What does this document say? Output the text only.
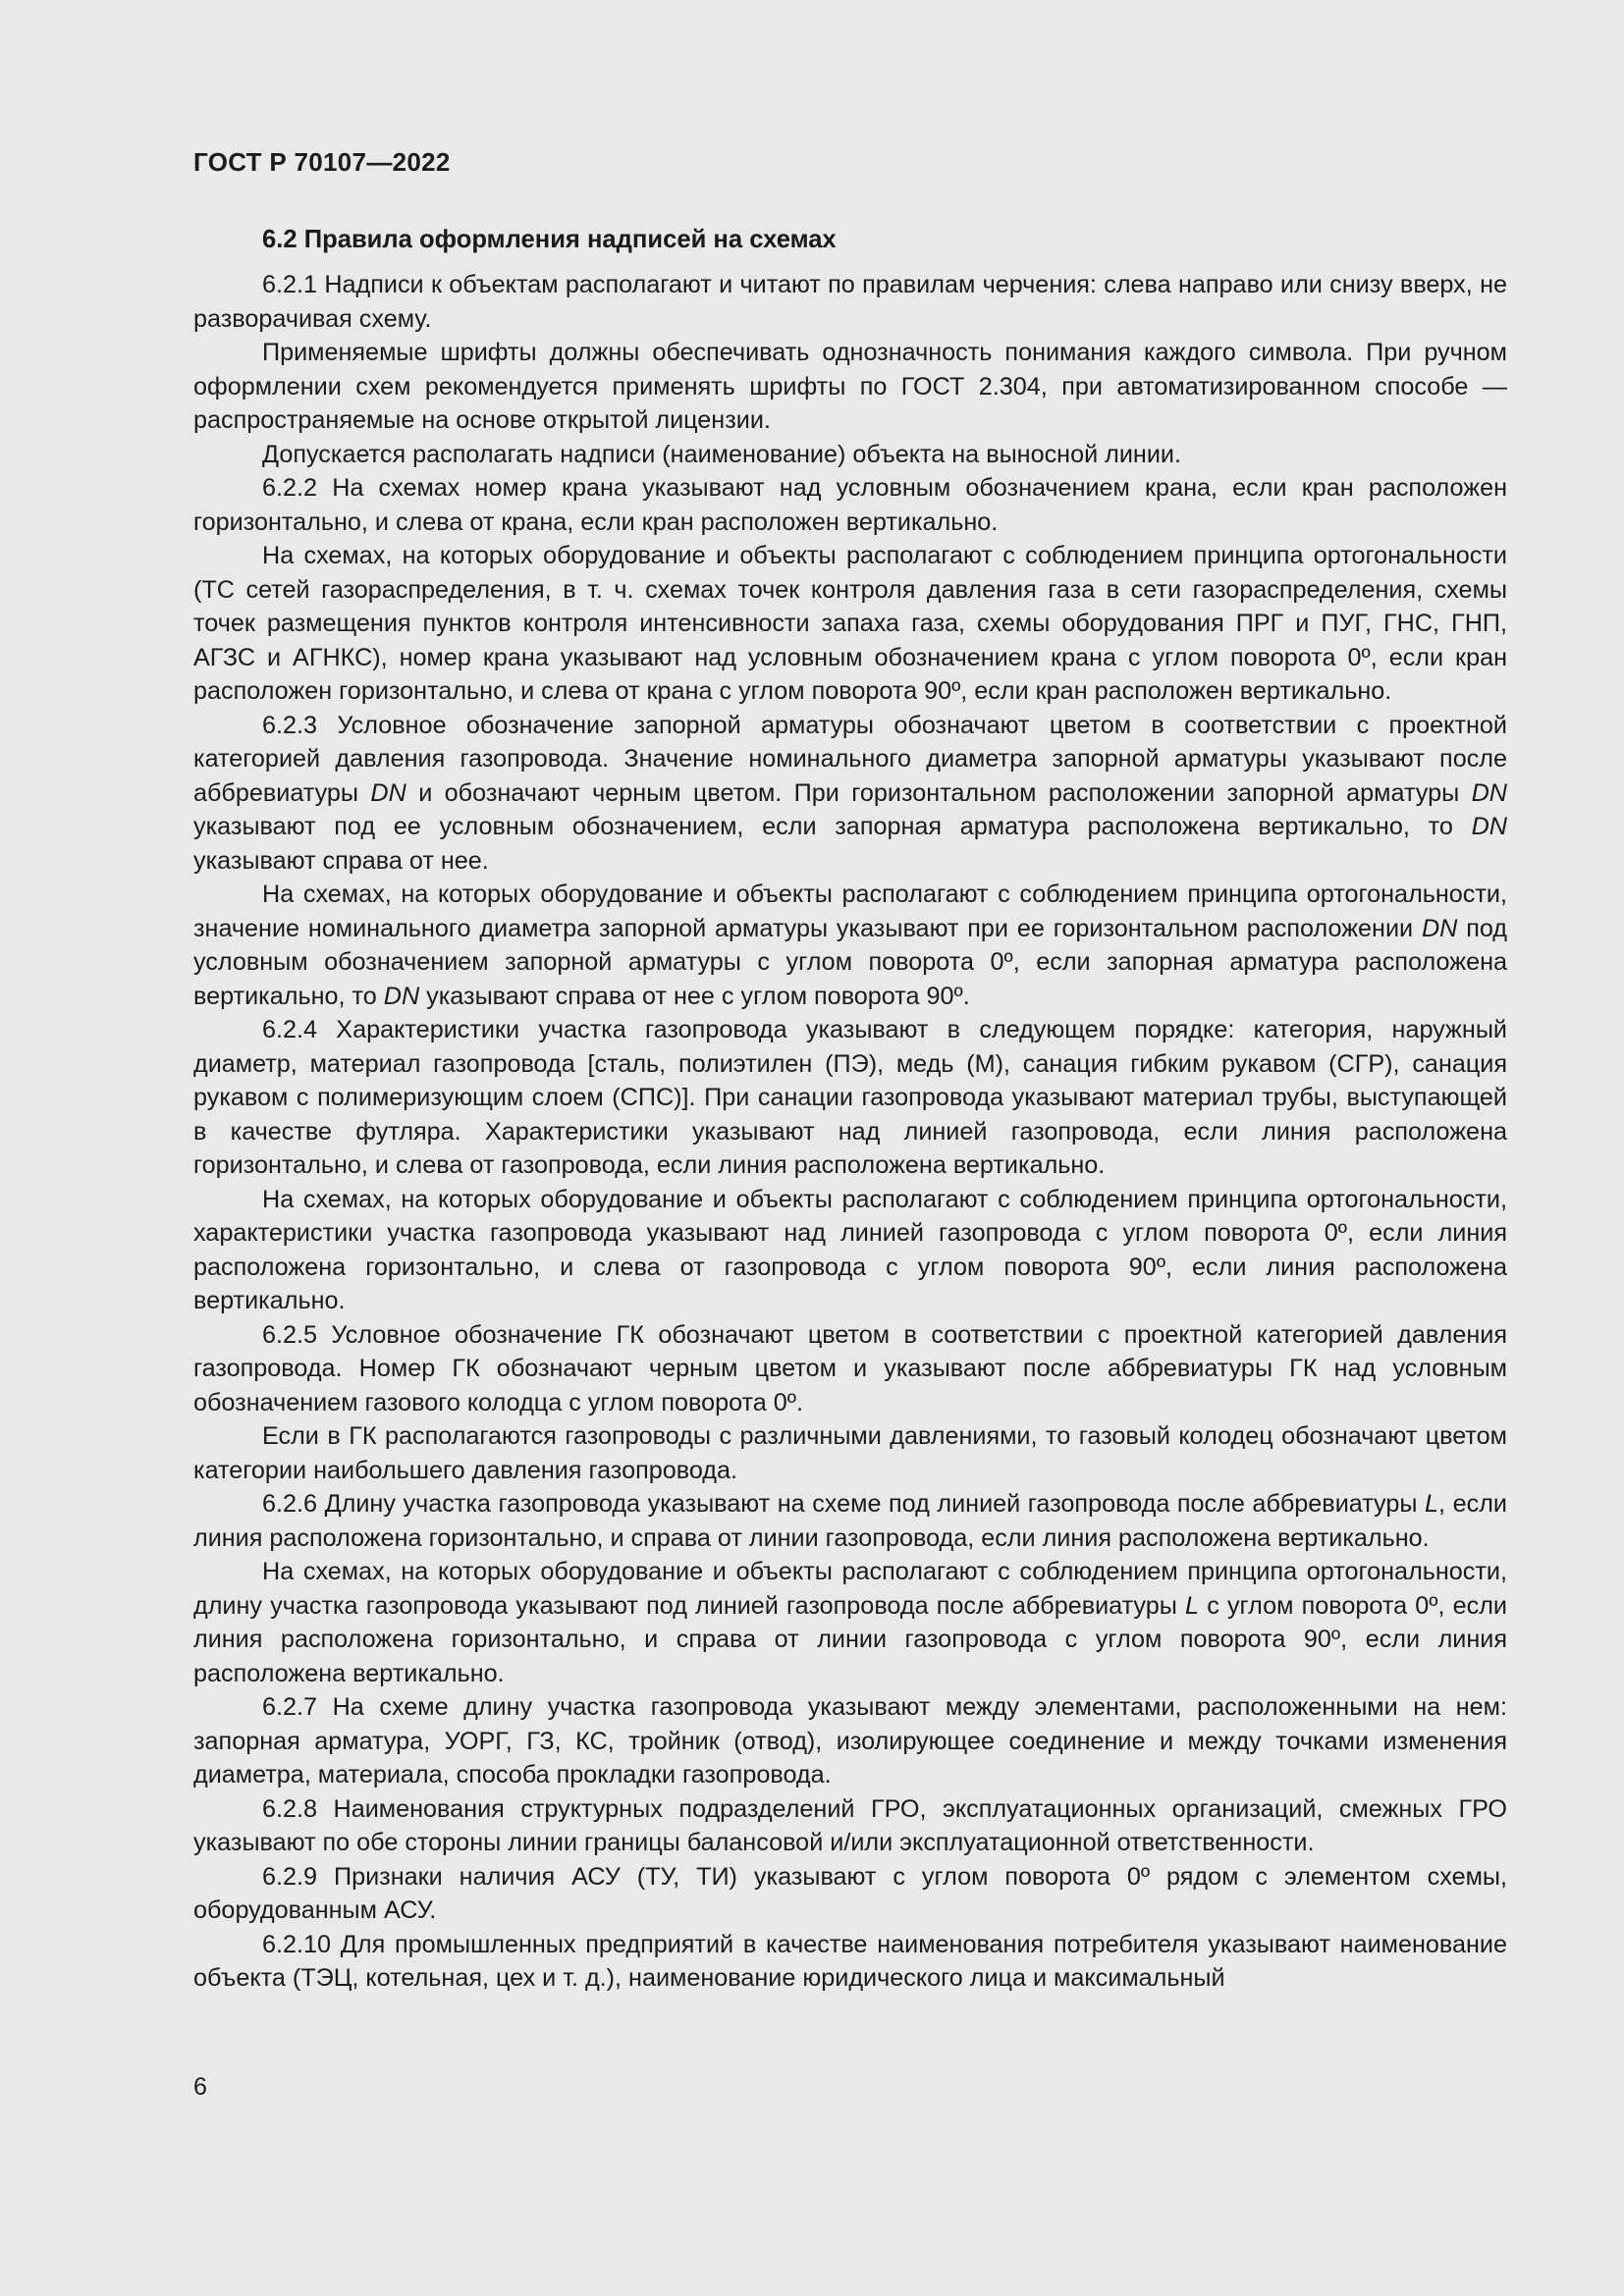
ГОСТ Р 70107—2022
6.2 Правила оформления надписей на схемах

6.2.1 Надписи к объектам располагают и читают по правилам черчения: слева направо или снизу вверх, не разворачивая схему.

Применяемые шрифты должны обеспечивать однозначность понимания каждого символа. При ручном оформлении схем рекомендуется применять шрифты по ГОСТ 2.304, при автоматизированном способе — распространяемые на основе открытой лицензии.

Допускается располагать надписи (наименование) объекта на выносной линии.

6.2.2 На схемах номер крана указывают над условным обозначением крана, если кран расположен горизонтально, и слева от крана, если кран расположен вертикально.

На схемах, на которых оборудование и объекты располагают с соблюдением принципа ортогональности (ТС сетей газораспределения, в т. ч. схемах точек контроля давления газа в сети газораспределения, схемы точек размещения пунктов контроля интенсивности запаха газа, схемы оборудования ПРГ и ПУГ, ГНС, ГНП, АГЗС и АГНКС), номер крана указывают над условным обозначением крана с углом поворота 0º, если кран расположен горизонтально, и слева от крана с углом поворота 90º, если кран расположен вертикально.

6.2.3 Условное обозначение запорной арматуры обозначают цветом в соответствии с проектной категорией давления газопровода. Значение номинального диаметра запорной арматуры указывают после аббревиатуры DN и обозначают черным цветом. При горизонтальном расположении запорной арматуры DN указывают под ее условным обозначением, если запорная арматура расположена вертикально, то DN указывают справа от нее.

На схемах, на которых оборудование и объекты располагают с соблюдением принципа ортогональности, значение номинального диаметра запорной арматуры указывают при ее горизонтальном расположении DN под условным обозначением запорной арматуры с углом поворота 0º, если запорная арматура расположена вертикально, то DN указывают справа от нее с углом поворота 90º.

6.2.4 Характеристики участка газопровода указывают в следующем порядке: категория, наружный диаметр, материал газопровода [сталь, полиэтилен (ПЭ), медь (М), санация гибким рукавом (СГР), санация рукавом с полимеризующим слоем (СПС)]. При санации газопровода указывают материал трубы, выступающей в качестве футляра. Характеристики указывают над линией газопровода, если линия расположена горизонтально, и слева от газопровода, если линия расположена вертикально.

На схемах, на которых оборудование и объекты располагают с соблюдением принципа ортогональности, характеристики участка газопровода указывают над линией газопровода с углом поворота 0º, если линия расположена горизонтально, и слева от газопровода с углом поворота 90º, если линия расположена вертикально.

6.2.5 Условное обозначение ГК обозначают цветом в соответствии с проектной категорией давления газопровода. Номер ГК обозначают черным цветом и указывают после аббревиатуры ГК над условным обозначением газового колодца с углом поворота 0º.

Если в ГК располагаются газопроводы с различными давлениями, то газовый колодец обозначают цветом категории наибольшего давления газопровода.

6.2.6 Длину участка газопровода указывают на схеме под линией газопровода после аббревиатуры L, если линия расположена горизонтально, и справа от линии газопровода, если линия расположена вертикально.

На схемах, на которых оборудование и объекты располагают с соблюдением принципа ортогональности, длину участка газопровода указывают под линией газопровода после аббревиатуры L с углом поворота 0º, если линия расположена горизонтально, и справа от линии газопровода с углом поворота 90º, если линия расположена вертикально.

6.2.7 На схеме длину участка газопровода указывают между элементами, расположенными на нем: запорная арматура, УОРГ, ГЗ, КС, тройник (отвод), изолирующее соединение и между точками изменения диаметра, материала, способа прокладки газопровода.

6.2.8 Наименования структурных подразделений ГРО, эксплуатационных организаций, смежных ГРО указывают по обе стороны линии границы балансовой и/или эксплуатационной ответственности.

6.2.9 Признаки наличия АСУ (ТУ, ТИ) указывают с углом поворота 0º рядом с элементом схемы, оборудованным АСУ.

6.2.10 Для промышленных предприятий в качестве наименования потребителя указывают наименование объекта (ТЭЦ, котельная, цех и т. д.), наименование юридического лица и максимальный

6
